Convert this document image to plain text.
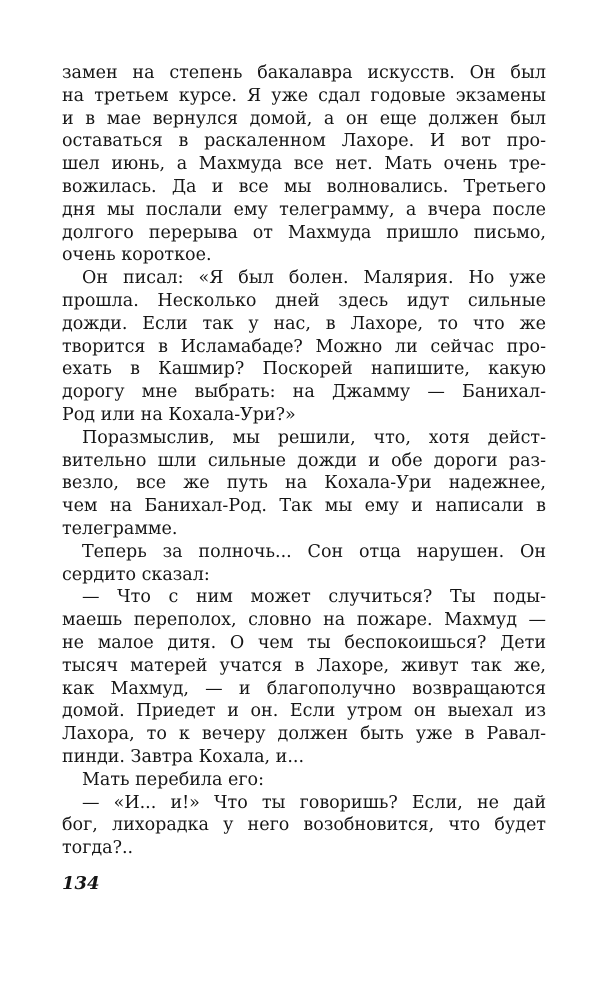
замен на степень бакалавра искусств. Он был
на третьем курсе. Я уже сдал годовые экзамены
и в мае вернулся домой, а он еще должен был
оставаться в раскаленном Лахоре. И вот про-
шел июнь, а Махмуда все нет. Мать очень тре-
вожилась. Да и все мы волновались. Третьего
дня мы послали ему телеграмму, а вчера после
долгого перерыва от Махмуда пришло письмо,
очень короткое.
Он писал: «Я был болен. Малярия. Но уже
прошла. Несколько дней здесь идут сильные
дожди. Если так у нас, в Лахоре, то что же
творится в Исламабаде? Можно ли сейчас про-
ехать в Кашмир? Поскорей напишите, какую
дорогу мне выбрать: на Джамму — Банихал-
Род или на Кохала-Ури?»
Поразмыслив, мы решили, что, хотя дейст-
вительно шли сильные дожди и обе дороги раз-
везло, все же путь на Кохала-Ури надежнее,
чем на Банихал-Род. Так мы ему и написали в
телеграмме.
Теперь за полночь... Сон отца нарушен. Он
сердито сказал:
— Что с ним может случиться? Ты поды-
маешь переполох, словно на пожаре. Махмуд —
не малое дитя. О чем ты беспокоишься? Дети
тысяч матерей учатся в Лахоре, живут так же,
как Махмуд, — и благополучно возвращаются
домой. Приедет и он. Если утром он выехал из
Лахора, то к вечеру должен быть уже в Равал-
пинди. Завтра Кохала, и...
Мать перебила его:
— «И... и!» Что ты говоришь? Если, не дай
бог, лихорадка у него возобновится, что будет
тогда?..
134
